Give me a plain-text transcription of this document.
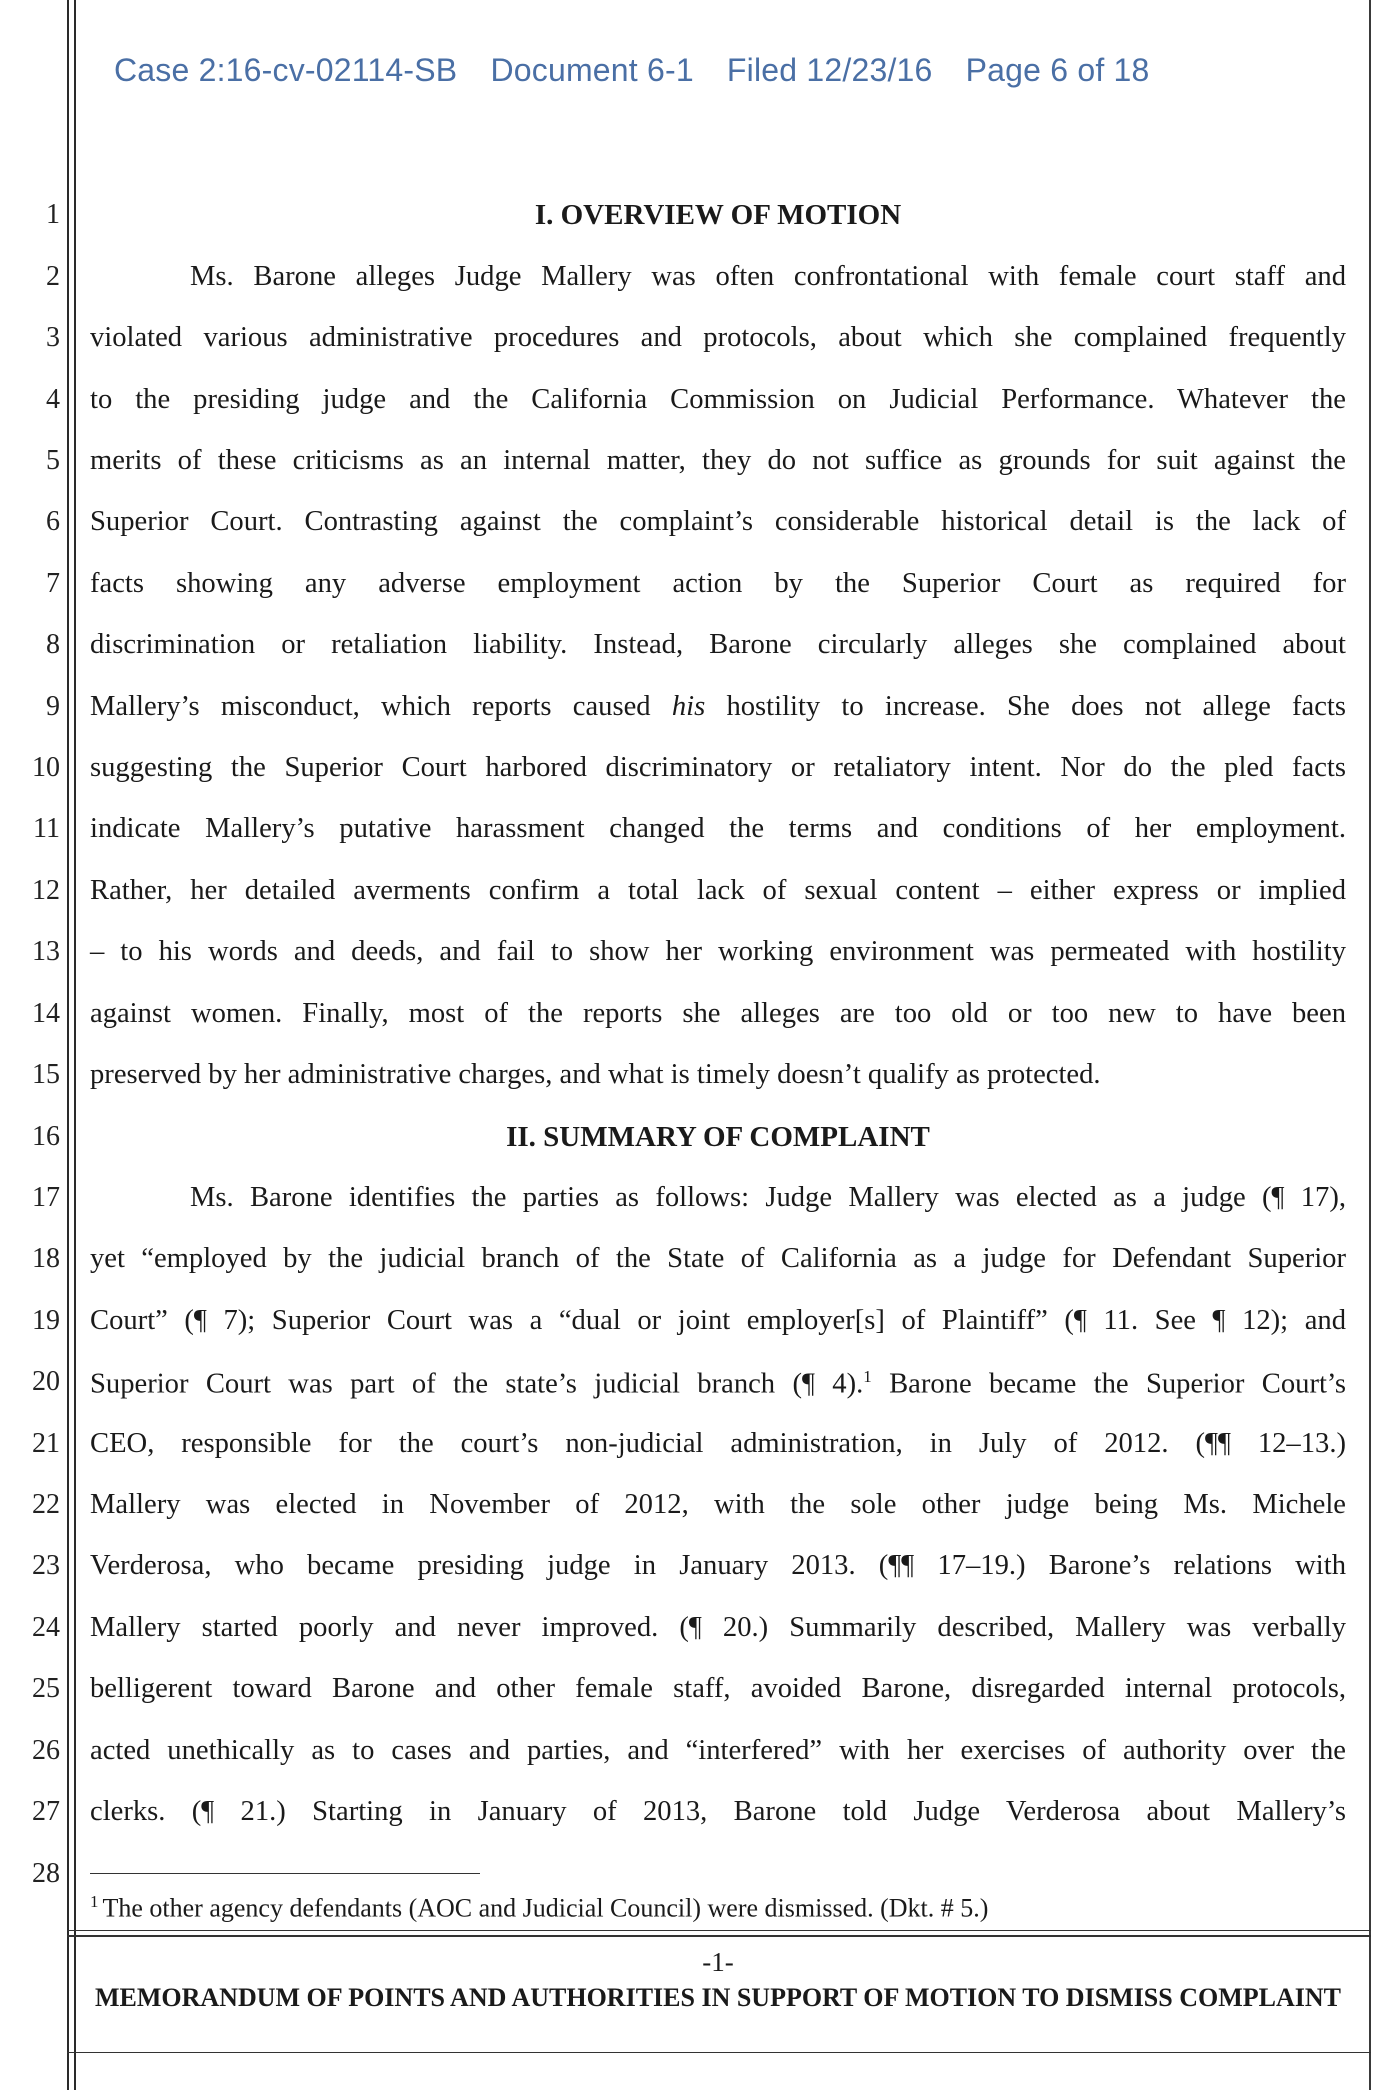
Case 2:16-cv-02114-SB Document 6-1 Filed 12/23/16 Page 6 of 18
1
2
3
4
5
6
7
8
9
10
11
12
13
14
15
16
17
18
19
20
21
22
23
24
25
26
27
28
I. OVERVIEW OF MOTION
Ms. Barone alleges Judge Mallery was often confrontational with female court staff and
violated various administrative procedures and protocols, about which she complained frequently
to the presiding judge and the California Commission on Judicial Performance. Whatever the
merits of these criticisms as an internal matter, they do not suffice as grounds for suit against the
Superior Court. Contrasting against the complaint’s considerable historical detail is the lack of
facts showing any adverse employment action by the Superior Court as required for
discrimination or retaliation liability. Instead, Barone circularly alleges she complained about
Mallery’s misconduct, which reports caused his hostility to increase. She does not allege facts
suggesting the Superior Court harbored discriminatory or retaliatory intent. Nor do the pled facts
indicate Mallery’s putative harassment changed the terms and conditions of her employment.
Rather, her detailed averments confirm a total lack of sexual content – either express or implied
– to his words and deeds, and fail to show her working environment was permeated with hostility
against women. Finally, most of the reports she alleges are too old or too new to have been
preserved by her administrative charges, and what is timely doesn’t qualify as protected.
II. SUMMARY OF COMPLAINT
Ms. Barone identifies the parties as follows: Judge Mallery was elected as a judge (¶ 17),
yet “employed by the judicial branch of the State of California as a judge for Defendant Superior
Court” (¶ 7); Superior Court was a “dual or joint employer[s] of Plaintiff” (¶ 11. See ¶ 12); and
Superior Court was part of the state’s judicial branch (¶ 4).$^1$ Barone became the Superior Court’s
CEO, responsible for the court’s non-judicial administration, in July of 2012. (¶¶ 12–13.)
Mallery was elected in November of 2012, with the sole other judge being Ms. Michele
Verderosa, who became presiding judge in January 2013. (¶¶ 17–19.) Barone’s relations with
Mallery started poorly and never improved. (¶ 20.) Summarily described, Mallery was verbally
belligerent toward Barone and other female staff, avoided Barone, disregarded internal protocols,
acted unethically as to cases and parties, and “interfered” with her exercises of authority over the
clerks. (¶ 21.) Starting in January of 2013, Barone told Judge Verderosa about Mallery’s
$^1$ The other agency defendants (AOC and Judicial Council) were dismissed. (Dkt. # 5.)
-1-
MEMORANDUM OF POINTS AND AUTHORITIES IN SUPPORT OF MOTION TO DISMISS COMPLAINT
